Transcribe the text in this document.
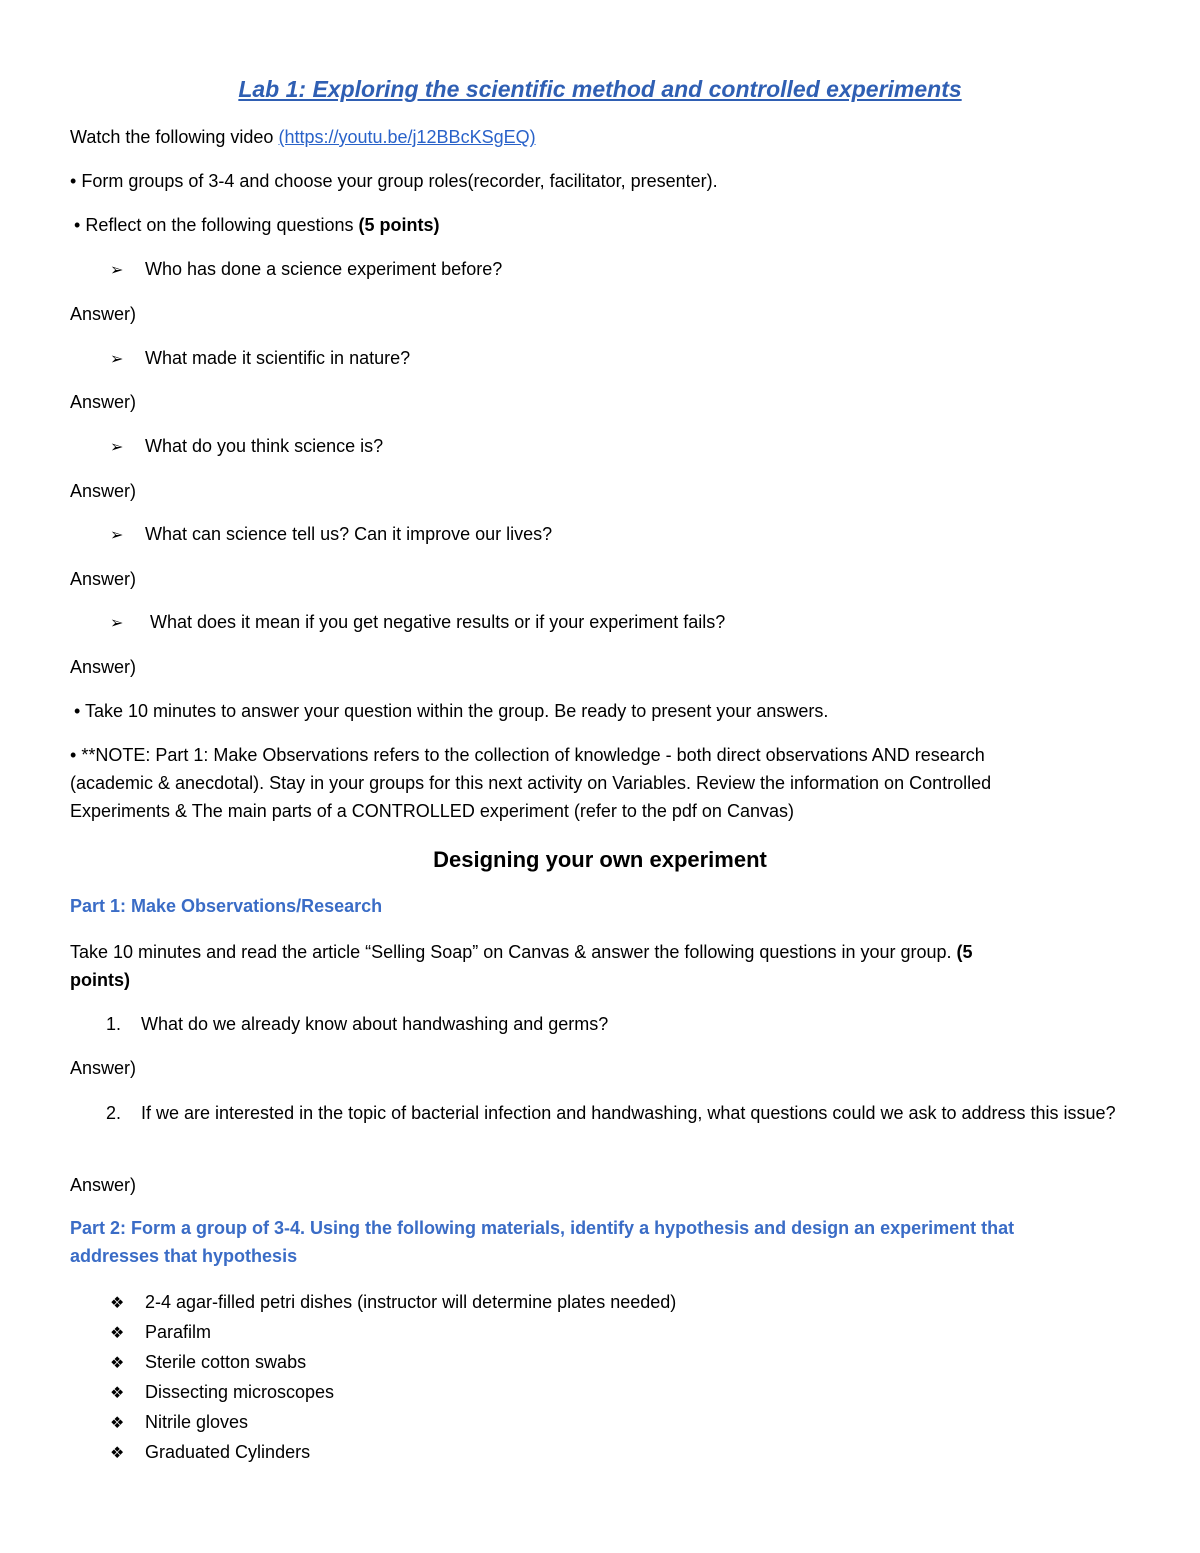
Lab 1: Exploring the scientific method and controlled experiments
Watch the following video (https://youtu.be/j12BBcKSgEQ)
• Form groups of 3-4 and choose your group roles(recorder, facilitator, presenter).
• Reflect on the following questions (5 points)
➢ Who has done a science experiment before?
Answer)
➢ What made it scientific in nature?
Answer)
➢ What do you think science is?
Answer)
➢ What can science tell us? Can it improve our lives?
Answer)
➢ What does it mean if you get negative results or if your experiment fails?
Answer)
• Take 10 minutes to answer your question within the group. Be ready to present your answers.
• **NOTE: Part 1: Make Observations refers to the collection of knowledge - both direct observations AND research
(academic & anecdotal). Stay in your groups for this next activity on Variables. Review the information on Controlled
Experiments & The main parts of a CONTROLLED experiment (refer to the pdf on Canvas)
Designing your own experiment
Part 1: Make Observations/Research
Take 10 minutes and read the article “Selling Soap” on Canvas & answer the following questions in your group. (5
points)
1. What do we already know about handwashing and germs?
Answer)
2. If we are interested in the topic of bacterial infection and handwashing, what questions could we ask to address this issue?
Answer)
Part 2: Form a group of 3-4. Using the following materials, identify a hypothesis and design an experiment that addresses that hypothesis
❖ 2-4 agar-filled petri dishes (instructor will determine plates needed)
❖ Parafilm
❖ Sterile cotton swabs
❖ Dissecting microscopes
❖ Nitrile gloves
❖ Graduated Cylinders
